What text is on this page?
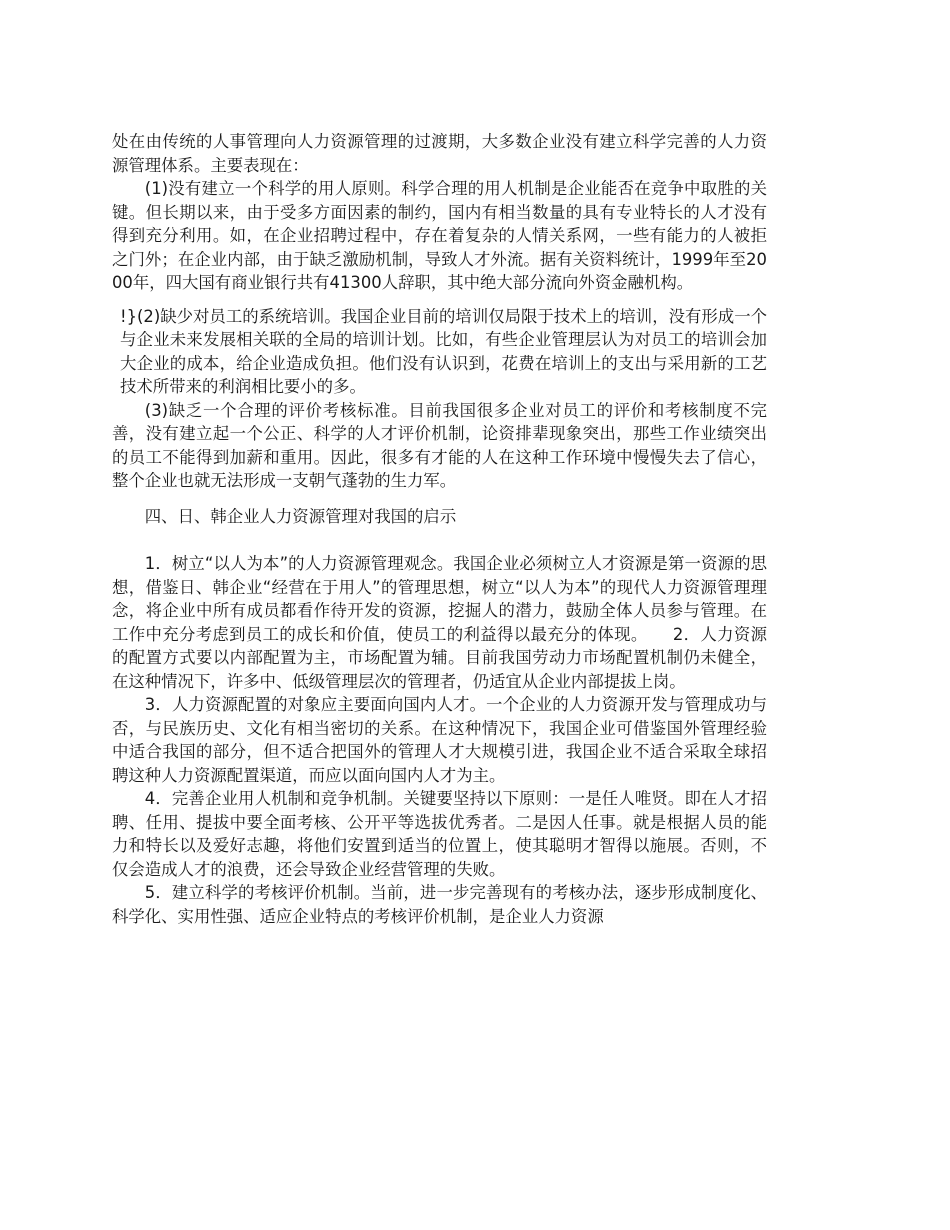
处在由传统的人事管理向人力资源管理的过渡期，大多数企业没有建立科学完善的人力资源管理体系。主要表现在：

(1)没有建立一个科学的用人原则。科学合理的用人机制是企业能否在竞争中取胜的关键。但长期以来，由于受多方面因素的制约，国内有相当数量的具有专业特长的人才没有得到充分利用。如，在企业招聘过程中，存在着复杂的人情关系网，一些有能力的人被拒之门外；在企业内部，由于缺乏激励机制，导致人才外流。据有关资料统计，1999年至2000年，四大国有商业银行共有41300人辞职，其中绝大部分流向外资金融机构。

!}(2)缺少对员工的系统培训。我国企业目前的培训仅局限于技术上的培训，没有形成一个与企业未来发展相关联的全局的培训计划。比如，有些企业管理层认为对员工的培训会加大企业的成本，给企业造成负担。他们没有认识到，花费在培训上的支出与采用新的工艺技术所带来的利润相比要小的多。

(3)缺乏一个合理的评价考核标准。目前我国很多企业对员工的评价和考核制度不完善，没有建立起一个公正、科学的人才评价机制，论资排辈现象突出，那些工作业绩突出的员工不能得到加薪和重用。因此，很多有才能的人在这种工作环境中慢慢失去了信心，整个企业也就无法形成一支朝气蓬勃的生力军。

四、日、韩企业人力资源管理对我国的启示

1．树立“以人为本”的人力资源管理观念。我国企业必须树立人才资源是第一资源的思想，借鉴日、韩企业“经营在于用人”的管理思想，树立“以人为本”的现代人力资源管理理念，将企业中所有成员都看作待开发的资源，挖掘人的潜力，鼓励全体人员参与管理。在工作中充分考虑到员工的成长和价值，使员工的利益得以最充分的体现。　　2．人力资源的配置方式要以内部配置为主，市场配置为辅。目前我国劳动力市场配置机制仍未健全，在这种情况下，许多中、低级管理层次的管理者，仍适宜从企业内部提拔上岗。

3．人力资源配置的对象应主要面向国内人才。一个企业的人力资源开发与管理成功与否，与民族历史、文化有相当密切的关系。在这种情况下，我国企业可借鉴国外管理经验中适合我国的部分，但不适合把国外的管理人才大规模引进，我国企业不适合采取全球招聘这种人力资源配置渠道，而应以面向国内人才为主。

4．完善企业用人机制和竞争机制。关键要坚持以下原则：一是任人唯贤。即在人才招聘、任用、提拔中要全面考核、公开平等选拔优秀者。二是因人任事。就是根据人员的能力和特长以及爱好志趣，将他们安置到适当的位置上，使其聪明才智得以施展。否则，不仅会造成人才的浪费，还会导致企业经营管理的失败。

5．建立科学的考核评价机制。当前，进一步完善现有的考核办法，逐步形成制度化、科学化、实用性强、适应企业特点的考核评价机制，是企业人力资源
